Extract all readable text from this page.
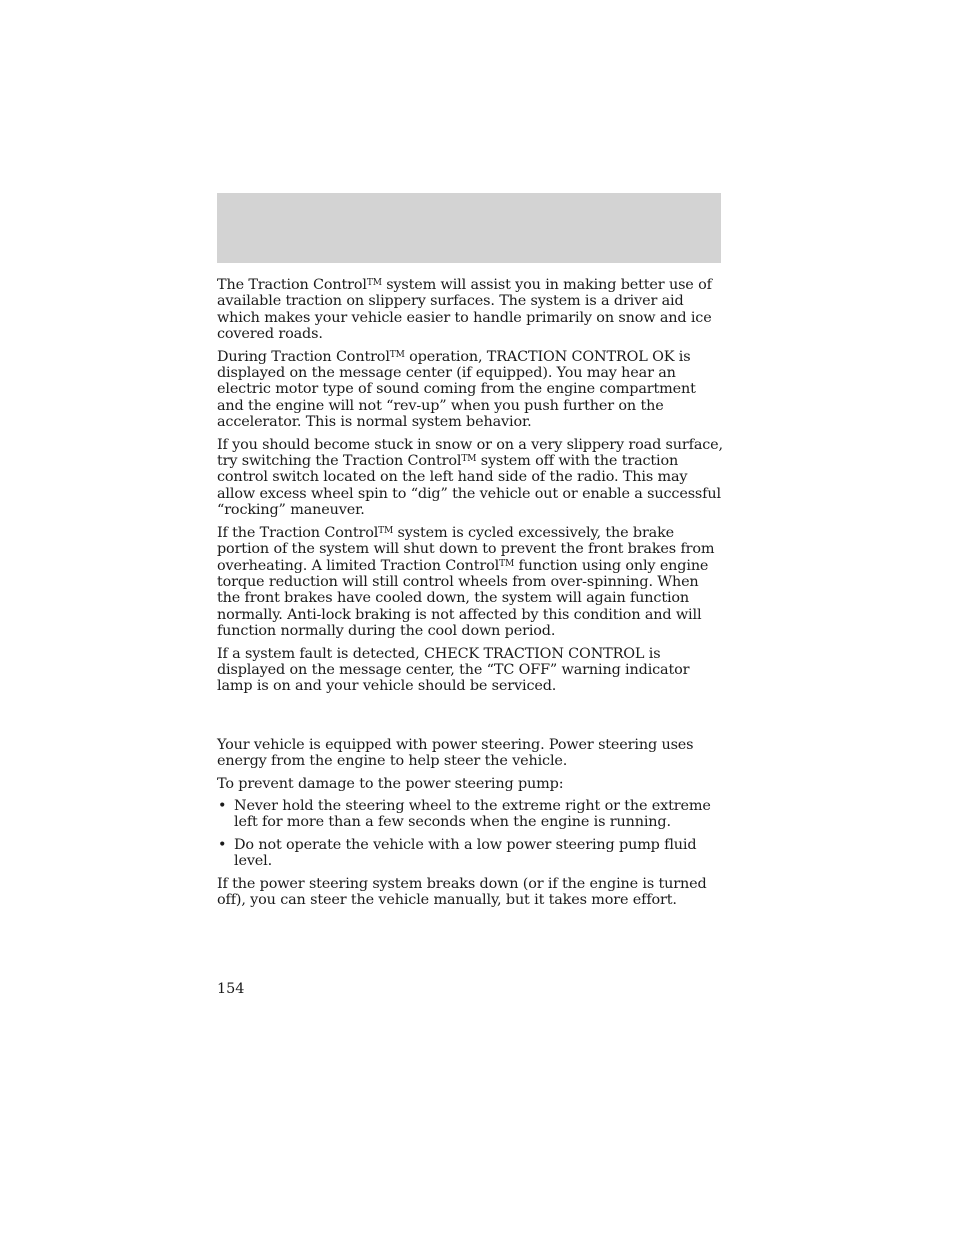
The Traction Control™ system will assist you in making better use of available traction on slippery surfaces. The system is a driver aid which makes your vehicle easier to handle primarily on snow and ice covered roads.

During Traction Control™ operation, TRACTION CONTROL OK is displayed on the message center (if equipped). You may hear an electric motor type of sound coming from the engine compartment and the engine will not “rev-up” when you push further on the accelerator. This is normal system behavior.

If you should become stuck in snow or on a very slippery road surface, try switching the Traction Control™ system off with the traction control switch located on the left hand side of the radio. This may allow excess wheel spin to “dig” the vehicle out or enable a successful “rocking” maneuver.

If the Traction Control™ system is cycled excessively, the brake portion of the system will shut down to prevent the front brakes from overheating. A limited Traction Control™ function using only engine torque reduction will still control wheels from over-spinning. When the front brakes have cooled down, the system will again function normally. Anti-lock braking is not affected by this condition and will function normally during the cool down period.

If a system fault is detected, CHECK TRACTION CONTROL is displayed on the message center, the “TC OFF” warning indicator lamp is on and your vehicle should be serviced.

Your vehicle is equipped with power steering. Power steering uses energy from the engine to help steer the vehicle.

To prevent damage to the power steering pump:

• Never hold the steering wheel to the extreme right or the extreme left for more than a few seconds when the engine is running.
• Do not operate the vehicle with a low power steering pump fluid level.

If the power steering system breaks down (or if the engine is turned off), you can steer the vehicle manually, but it takes more effort.

154
